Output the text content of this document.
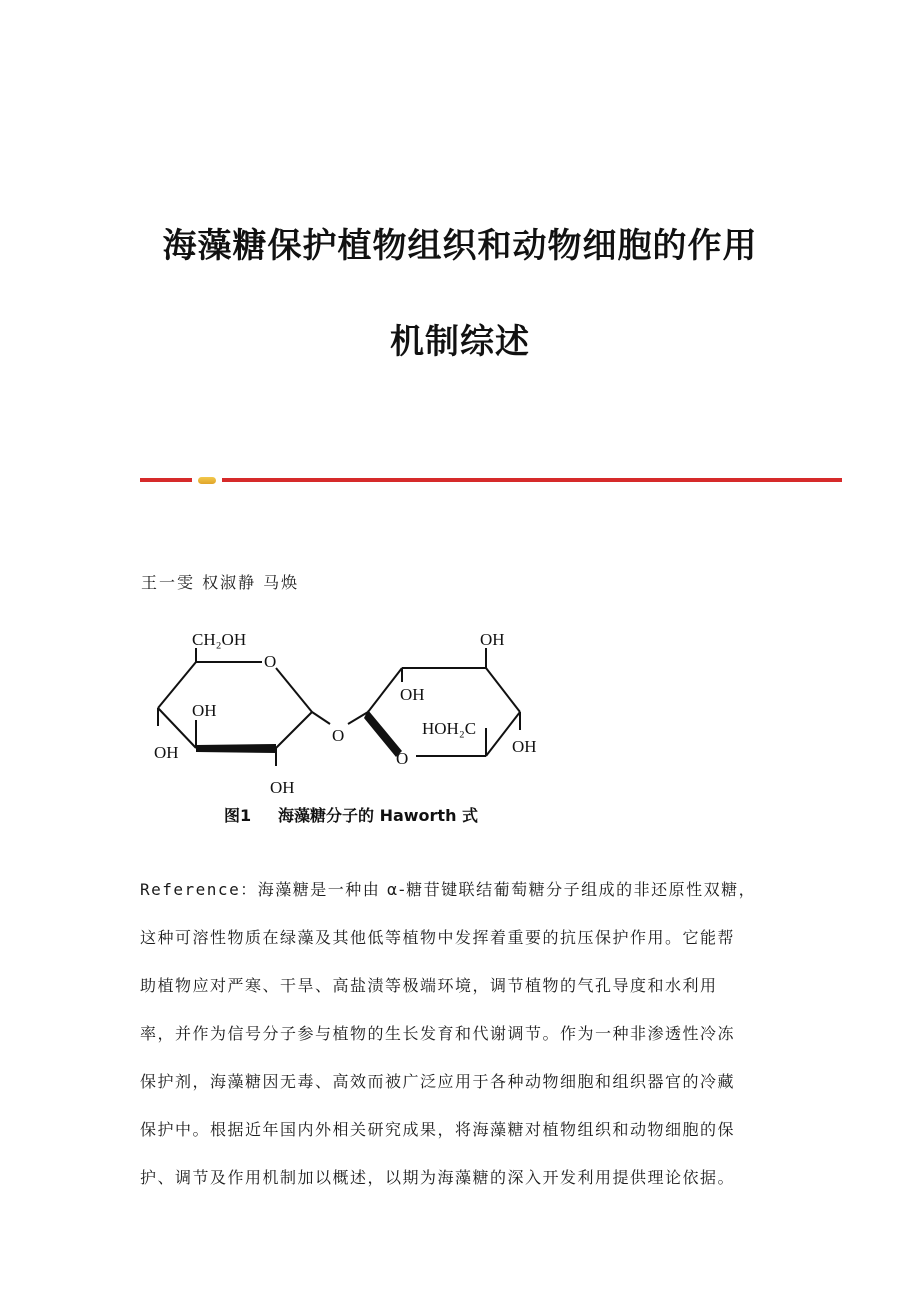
海藻糖保护植物组织和动物细胞的作用
机制综述
王一雯 权淑静 马焕
CH₂OH
O
OH
OH
OH
O
OH
OH
HOH₂C
OH
O
图1 海藻糖分子的 Haworth 式
Reference：海藻糖是一种由 α-糖苷键联结葡萄糖分子组成的非还原性双糖，
这种可溶性物质在绿藻及其他低等植物中发挥着重要的抗压保护作用。它能帮
助植物应对严寒、干旱、高盐渍等极端环境，调节植物的气孔导度和水利用
率，并作为信号分子参与植物的生长发育和代谢调节。作为一种非渗透性冷冻
保护剂，海藻糖因无毒、高效而被广泛应用于各种动物细胞和组织器官的冷藏
保护中。根据近年国内外相关研究成果，将海藻糖对植物组织和动物细胞的保
护、调节及作用机制加以概述，以期为海藻糖的深入开发利用提供理论依据。
